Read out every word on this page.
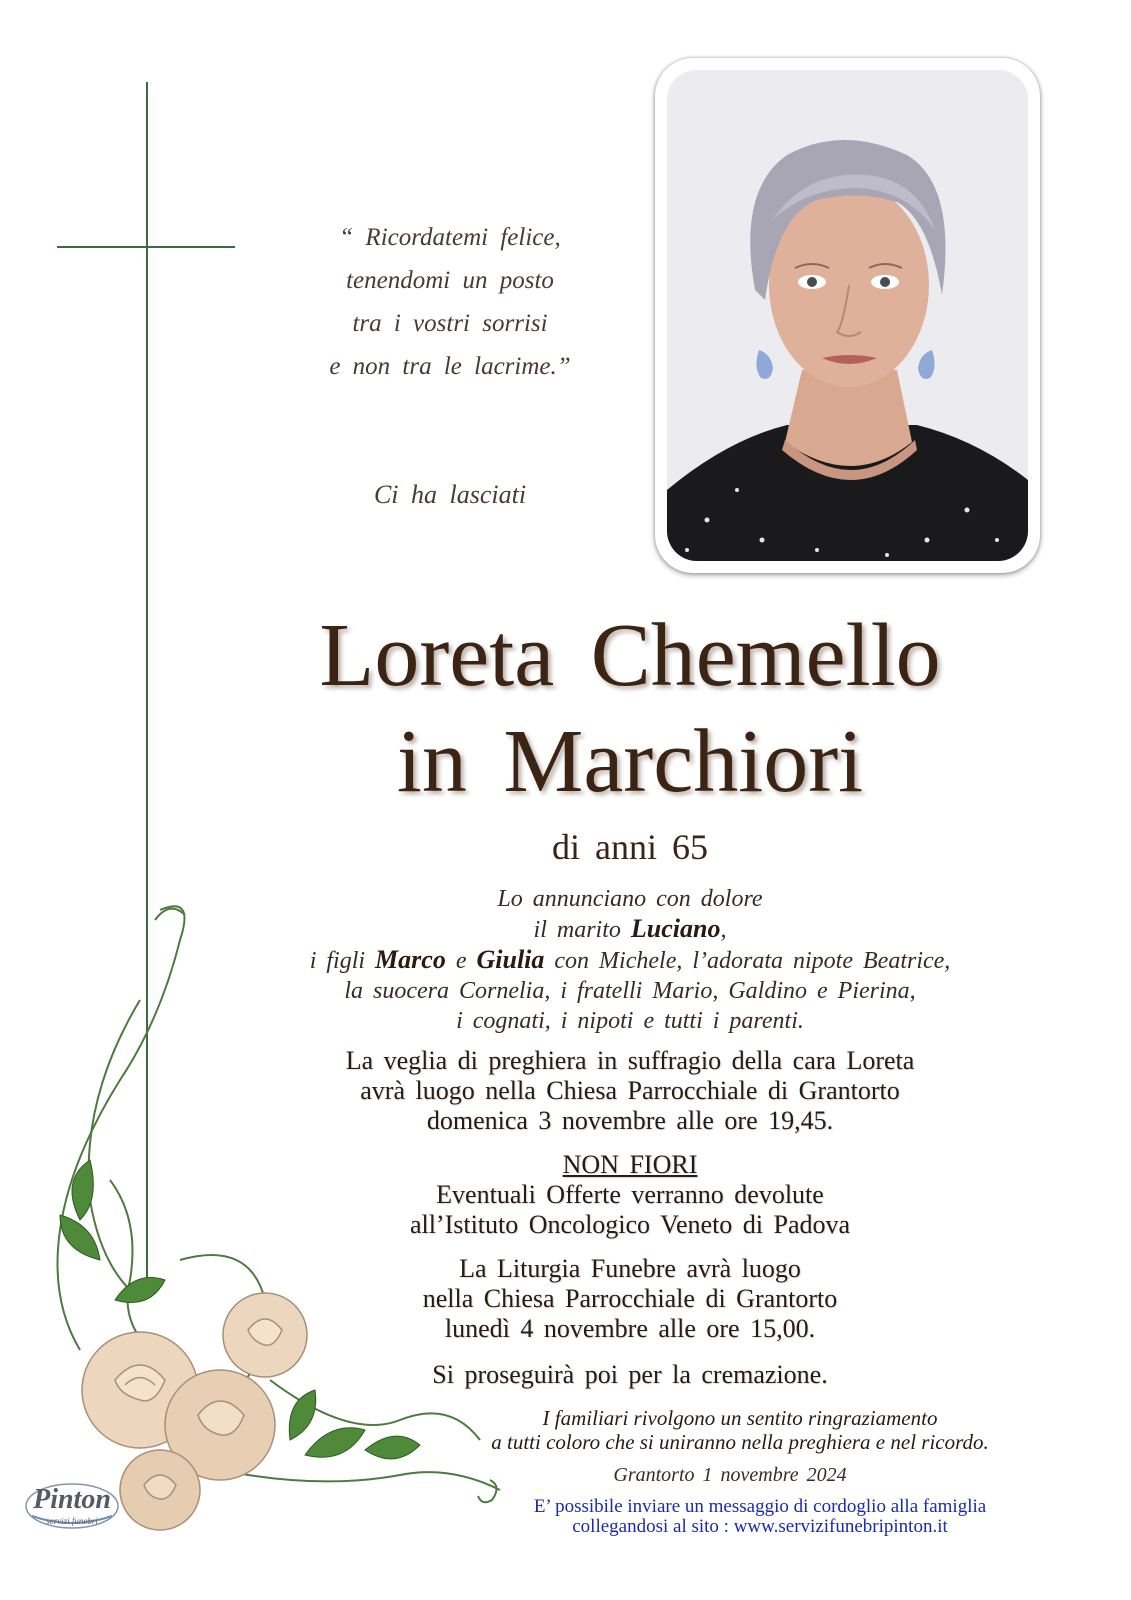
“ Ricordatemi felice,
tenendomi un posto
tra i vostri sorrisi
e non tra le lacrime.”
Ci ha lasciati
Loreta Chemello
in Marchiori
di anni 65
Lo annunciano con dolore
il marito Luciano,
i figli Marco e Giulia con Michele, l’adorata nipote Beatrice,
la suocera Cornelia, i fratelli Mario, Galdino e Pierina,
i cognati, i nipoti e tutti i parenti.
La veglia di preghiera in suffragio della cara Loreta
avrà luogo nella Chiesa Parrocchiale di Grantorto
domenica 3 novembre alle ore 19,45.
NON FIORI
Eventuali Offerte verranno devolute
all’Istituto Oncologico Veneto di Padova
La Liturgia Funebre avrà luogo
nella Chiesa Parrocchiale di Grantorto
lunedì 4 novembre alle ore 15,00.
Si proseguirà poi per la cremazione.
I familiari rivolgono un sentito ringraziamento
a tutti coloro che si uniranno nella preghiera e nel ricordo.
Grantorto 1 novembre 2024
E’ possibile inviare un messaggio di cordoglio alla famiglia
collegandosi al sito : www.servizifunebripinton.it
Pinton
servizi funebri
